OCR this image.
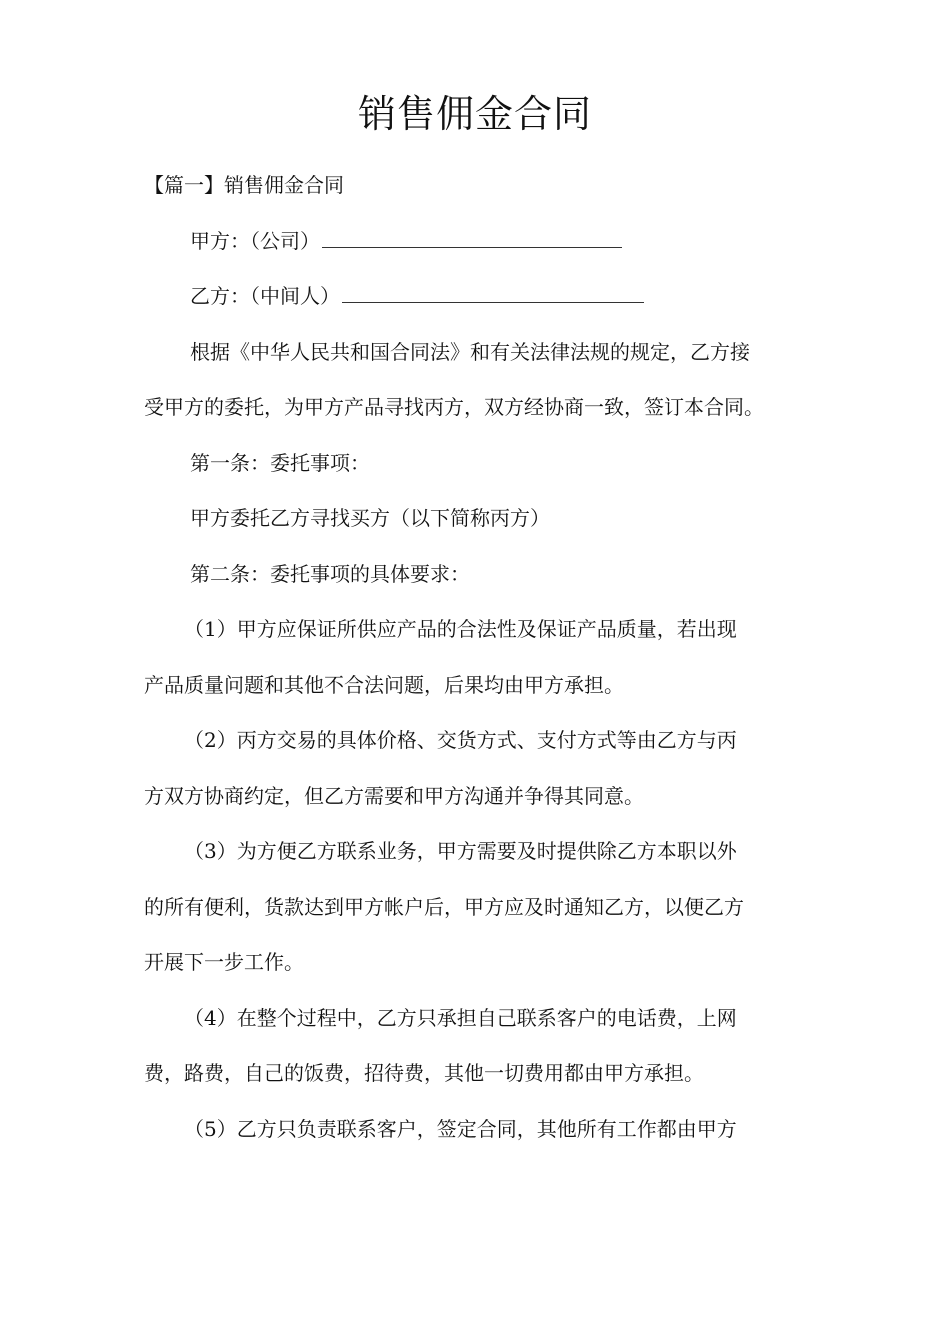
销售佣金合同
【篇一】销售佣金合同
甲方：（公司）
乙方：（中间人）
根据《中华人民共和国合同法》和有关法律法规的规定，乙方接
受甲方的委托，为甲方产品寻找丙方，双方经协商一致，签订本合同。
第一条：委托事项：
甲方委托乙方寻找买方（以下简称丙方）
第二条：委托事项的具体要求：
（1）甲方应保证所供应产品的合法性及保证产品质量，若出现
产品质量问题和其他不合法问题，后果均由甲方承担。
（2）丙方交易的具体价格、交货方式、支付方式等由乙方与丙
方双方协商约定，但乙方需要和甲方沟通并争得其同意。
（3）为方便乙方联系业务，甲方需要及时提供除乙方本职以外
的所有便利，货款达到甲方帐户后，甲方应及时通知乙方，以便乙方
开展下一步工作。
（4）在整个过程中，乙方只承担自己联系客户的电话费，上网
费，路费，自己的饭费，招待费，其他一切费用都由甲方承担。
（5）乙方只负责联系客户，签定合同，其他所有工作都由甲方
